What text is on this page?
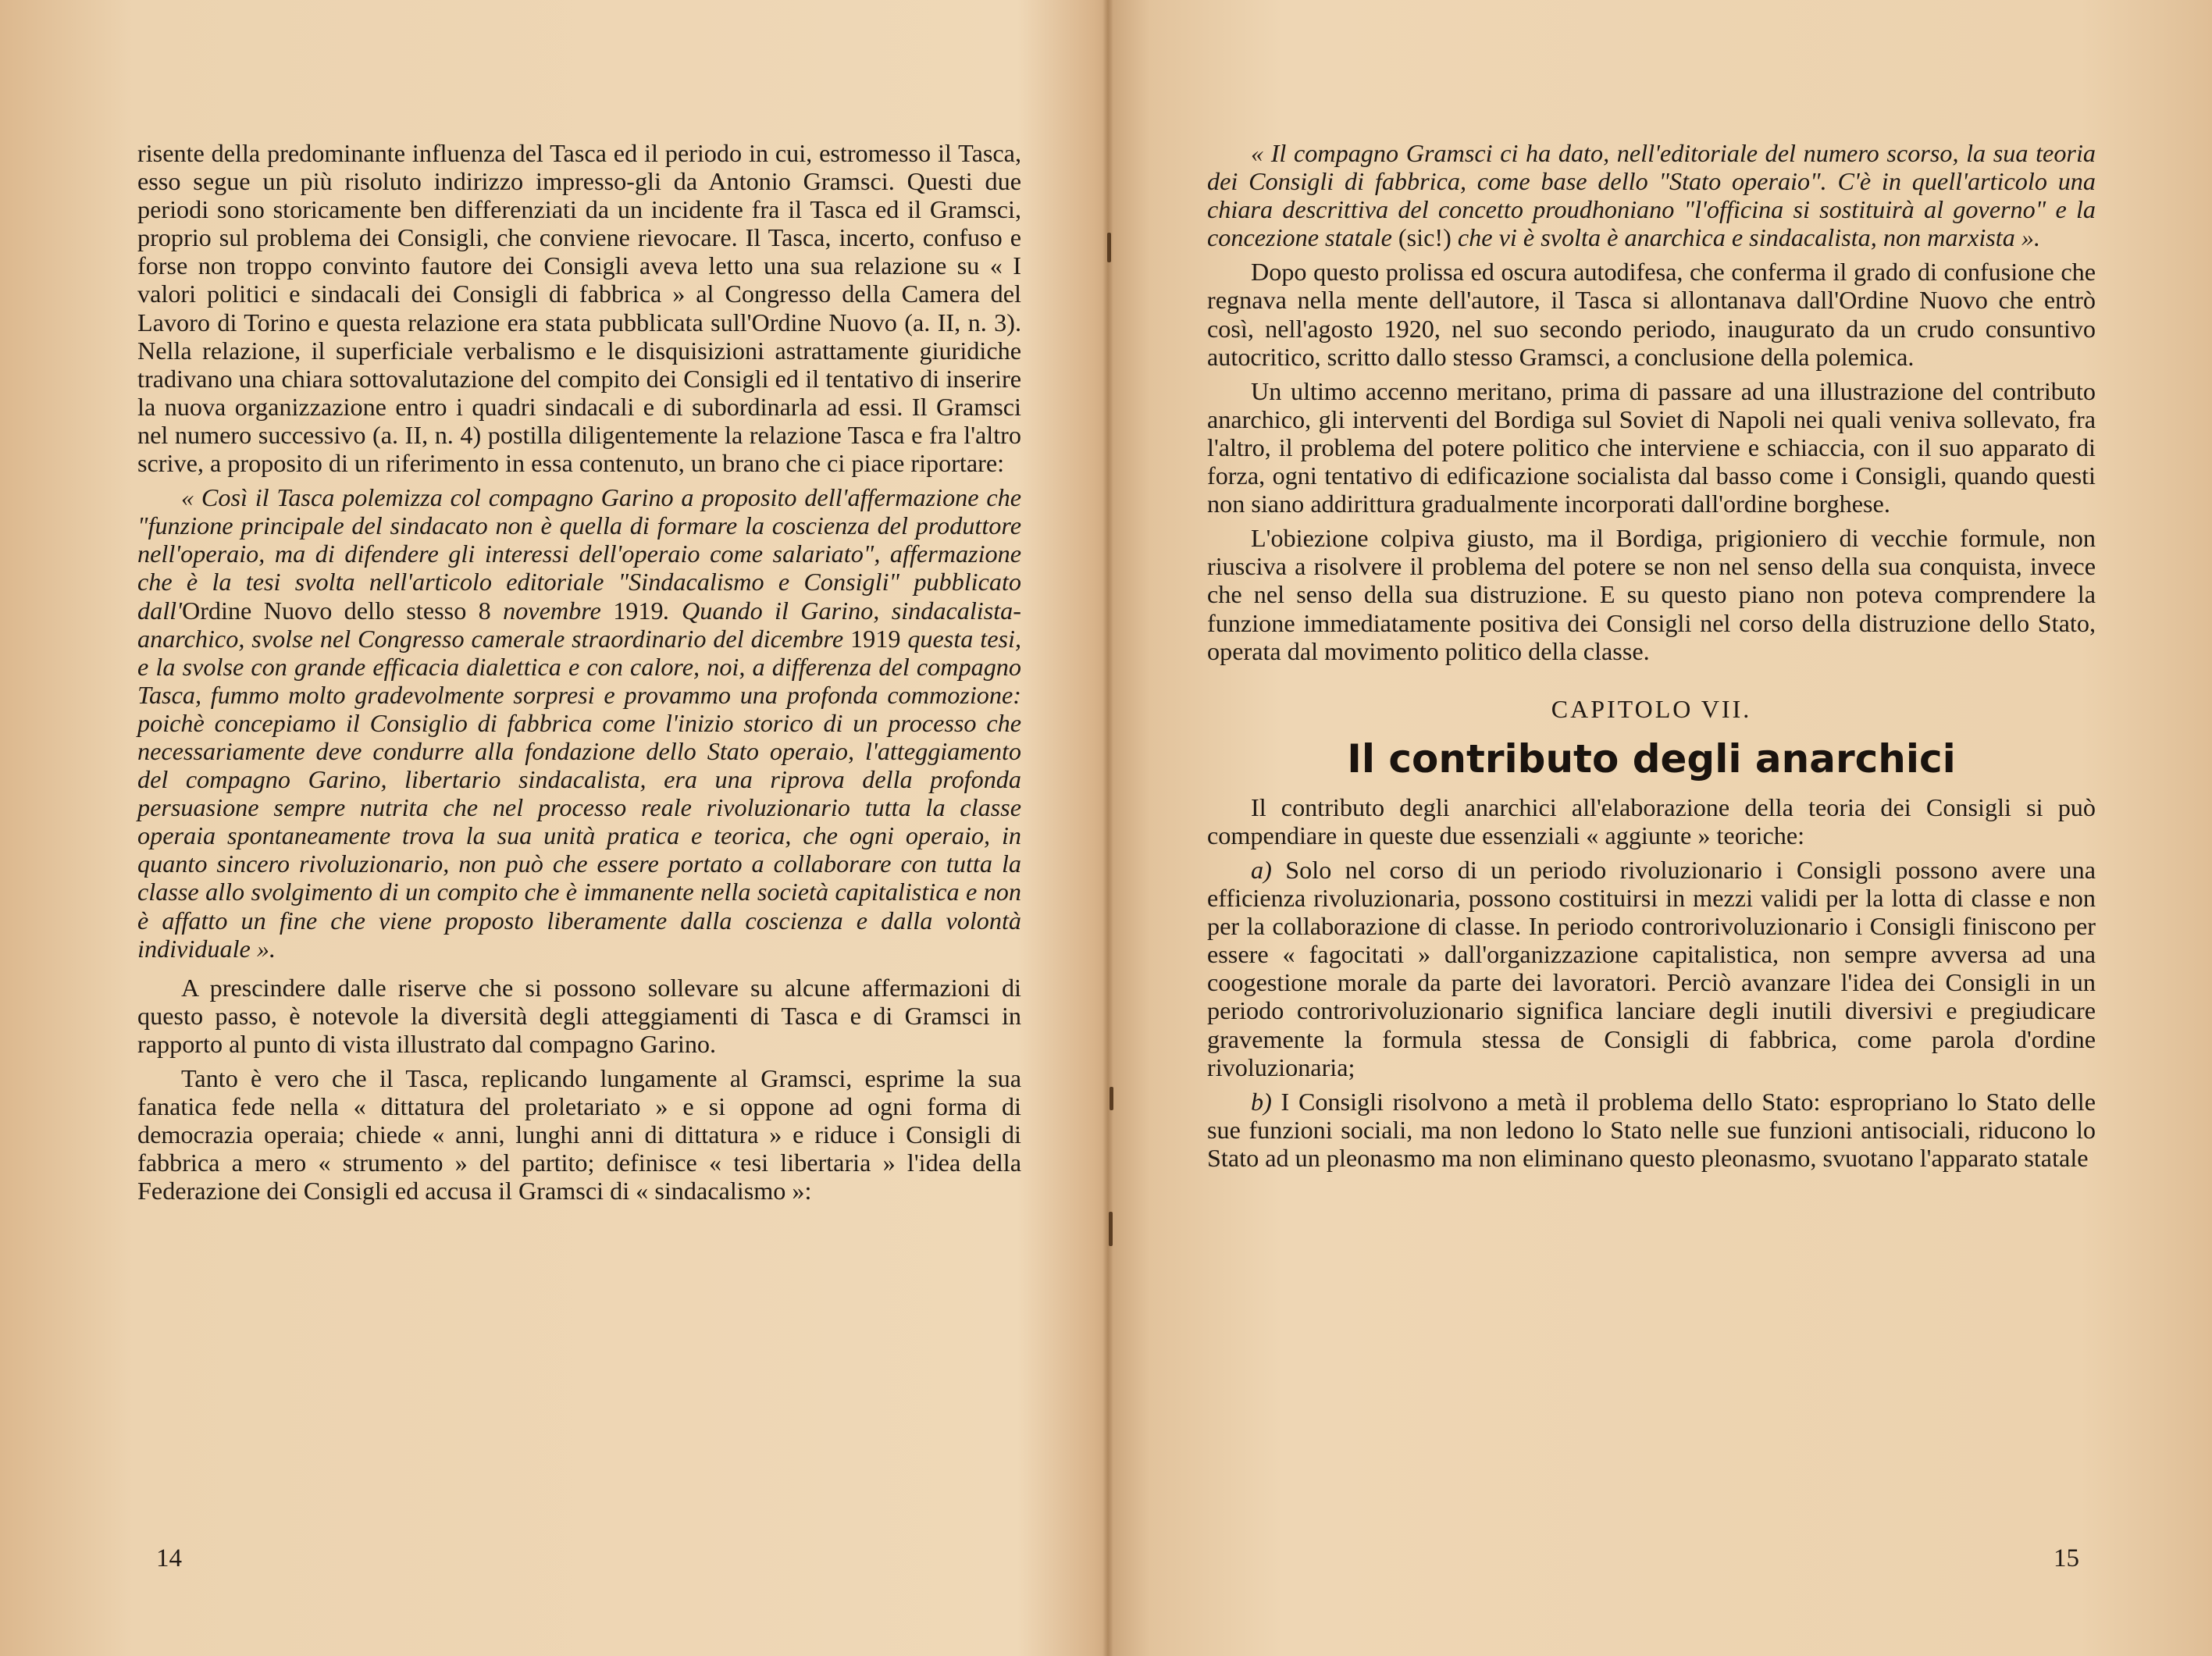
risente della predominante influenza del Tasca ed il periodo in cui, estromesso il Tasca, esso segue un più risoluto indirizzo impresso-gli da Antonio Gramsci. Questi due periodi sono storicamente ben differenziati da un incidente fra il Tasca ed il Gramsci, proprio sul problema dei Consigli, che conviene rievocare. Il Tasca, incerto, confuso e forse non troppo convinto fautore dei Consigli aveva letto una sua relazione su « I valori politici e sindacali dei Consigli di fabbrica » al Congresso della Camera del Lavoro di Torino e questa relazione era stata pubblicata sull'Ordine Nuovo (a. II, n. 3). Nella relazione, il superficiale verbalismo e le disquisizioni astrattamente giuridiche tradivano una chiara sottovalutazione del compito dei Consigli ed il tentativo di inserire la nuova organizzazione entro i quadri sindacali e di subordinarla ad essi. Il Gramsci nel numero successivo (a. II, n. 4) postilla diligentemente la relazione Tasca e fra l'altro scrive, a proposito di un riferimento in essa contenuto, un brano che ci piace riportare:

« Così il Tasca polemizza col compagno Garino a proposito dell'affermazione che "funzione principale del sindacato non è quella di formare la coscienza del produttore nell'operaio, ma di difendere gli interessi dell'operaio come salariato", affermazione che è la tesi svolta nell'articolo editoriale "Sindacalismo e Consigli" pubblicato dall'Ordine Nuovo dello stesso 8 novembre 1919. Quando il Garino, sindacalista-anarchico, svolse nel Congresso camerale straordinario del dicembre 1919 questa tesi, e la svolse con grande efficacia dialettica e con calore, noi, a differenza del compagno Tasca, fummo molto gradevolmente sorpresi e provammo una profonda commozione: poichè concepiamo il Consiglio di fabbrica come l'inizio storico di un processo che necessariamente deve condurre alla fondazione dello Stato operaio, l'atteggiamento del compagno Garino, libertario sindacalista, era una riprova della profonda persuasione sempre nutrita che nel processo reale rivoluzionario tutta la classe operaia spontaneamente trova la sua unità pratica e teorica, che ogni operaio, in quanto sincero rivoluzionario, non può che essere portato a collaborare con tutta la classe allo svolgimento di un compito che è immanente nella società capitalistica e non è affatto un fine che viene proposto liberamente dalla coscienza e dalla volontà individuale ».

A prescindere dalle riserve che si possono sollevare su alcune affermazioni di questo passo, è notevole la diversità degli atteggiamenti di Tasca e di Gramsci in rapporto al punto di vista illustrato dal compagno Garino.

Tanto è vero che il Tasca, replicando lungamente al Gramsci, esprime la sua fanatica fede nella « dittatura del proletariato » e si oppone ad ogni forma di democrazia operaia; chiede « anni, lunghi anni di dittatura » e riduce i Consigli di fabbrica a mero « strumento » del partito; definisce « tesi libertaria » l'idea della Federazione dei Consigli ed accusa il Gramsci di « sindacalismo »:

14

« Il compagno Gramsci ci ha dato, nell'editoriale del numero scorso, la sua teoria dei Consigli di fabbrica, come base dello "Stato operaio". C'è in quell'articolo una chiara descrittiva del concetto proudhoniano "l'officina si sostituirà al governo" e la concezione statale (sic!) che vi è svolta è anarchica e sindacalista, non marxista ».

Dopo questo prolissa ed oscura autodifesa, che conferma il grado di confusione che regnava nella mente dell'autore, il Tasca si allontanava dall'Ordine Nuovo che entrò così, nell'agosto 1920, nel suo secondo periodo, inaugurato da un crudo consuntivo autocritico, scritto dallo stesso Gramsci, a conclusione della polemica.

Un ultimo accenno meritano, prima di passare ad una illustrazione del contributo anarchico, gli interventi del Bordiga sul Soviet di Napoli nei quali veniva sollevato, fra l'altro, il problema del potere politico che interviene e schiaccia, con il suo apparato di forza, ogni tentativo di edificazione socialista dal basso come i Consigli, quando questi non siano addirittura gradualmente incorporati dall'ordine borghese.

L'obiezione colpiva giusto, ma il Bordiga, prigioniero di vecchie formule, non riusciva a risolvere il problema del potere se non nel senso della sua conquista, invece che nel senso della sua distruzione. E su questo piano non poteva comprendere la funzione immediatamente positiva dei Consigli nel corso della distruzione dello Stato, operata dal movimento politico della classe.

CAPITOLO VII.

Il contributo degli anarchici

Il contributo degli anarchici all'elaborazione della teoria dei Consigli si può compendiare in queste due essenziali « aggiunte » teoriche:

a) Solo nel corso di un periodo rivoluzionario i Consigli possono avere una efficienza rivoluzionaria, possono costituirsi in mezzi validi per la lotta di classe e non per la collaborazione di classe. In periodo controrivoluzionario i Consigli finiscono per essere « fagocitati » dall'organizzazione capitalistica, non sempre avversa ad una coogestione morale da parte dei lavoratori. Perciò avanzare l'idea dei Consigli in un periodo controrivoluzionario significa lanciare degli inutili diversivi e pregiudicare gravemente la formula stessa de Consigli di fabbrica, come parola d'ordine rivoluzionaria;

b) I Consigli risolvono a metà il problema dello Stato: espropriano lo Stato delle sue funzioni sociali, ma non ledono lo Stato nelle sue funzioni antisociali, riducono lo Stato ad un pleonasmo ma non eliminano questo pleonasmo, svuotano l'apparato statale

15
